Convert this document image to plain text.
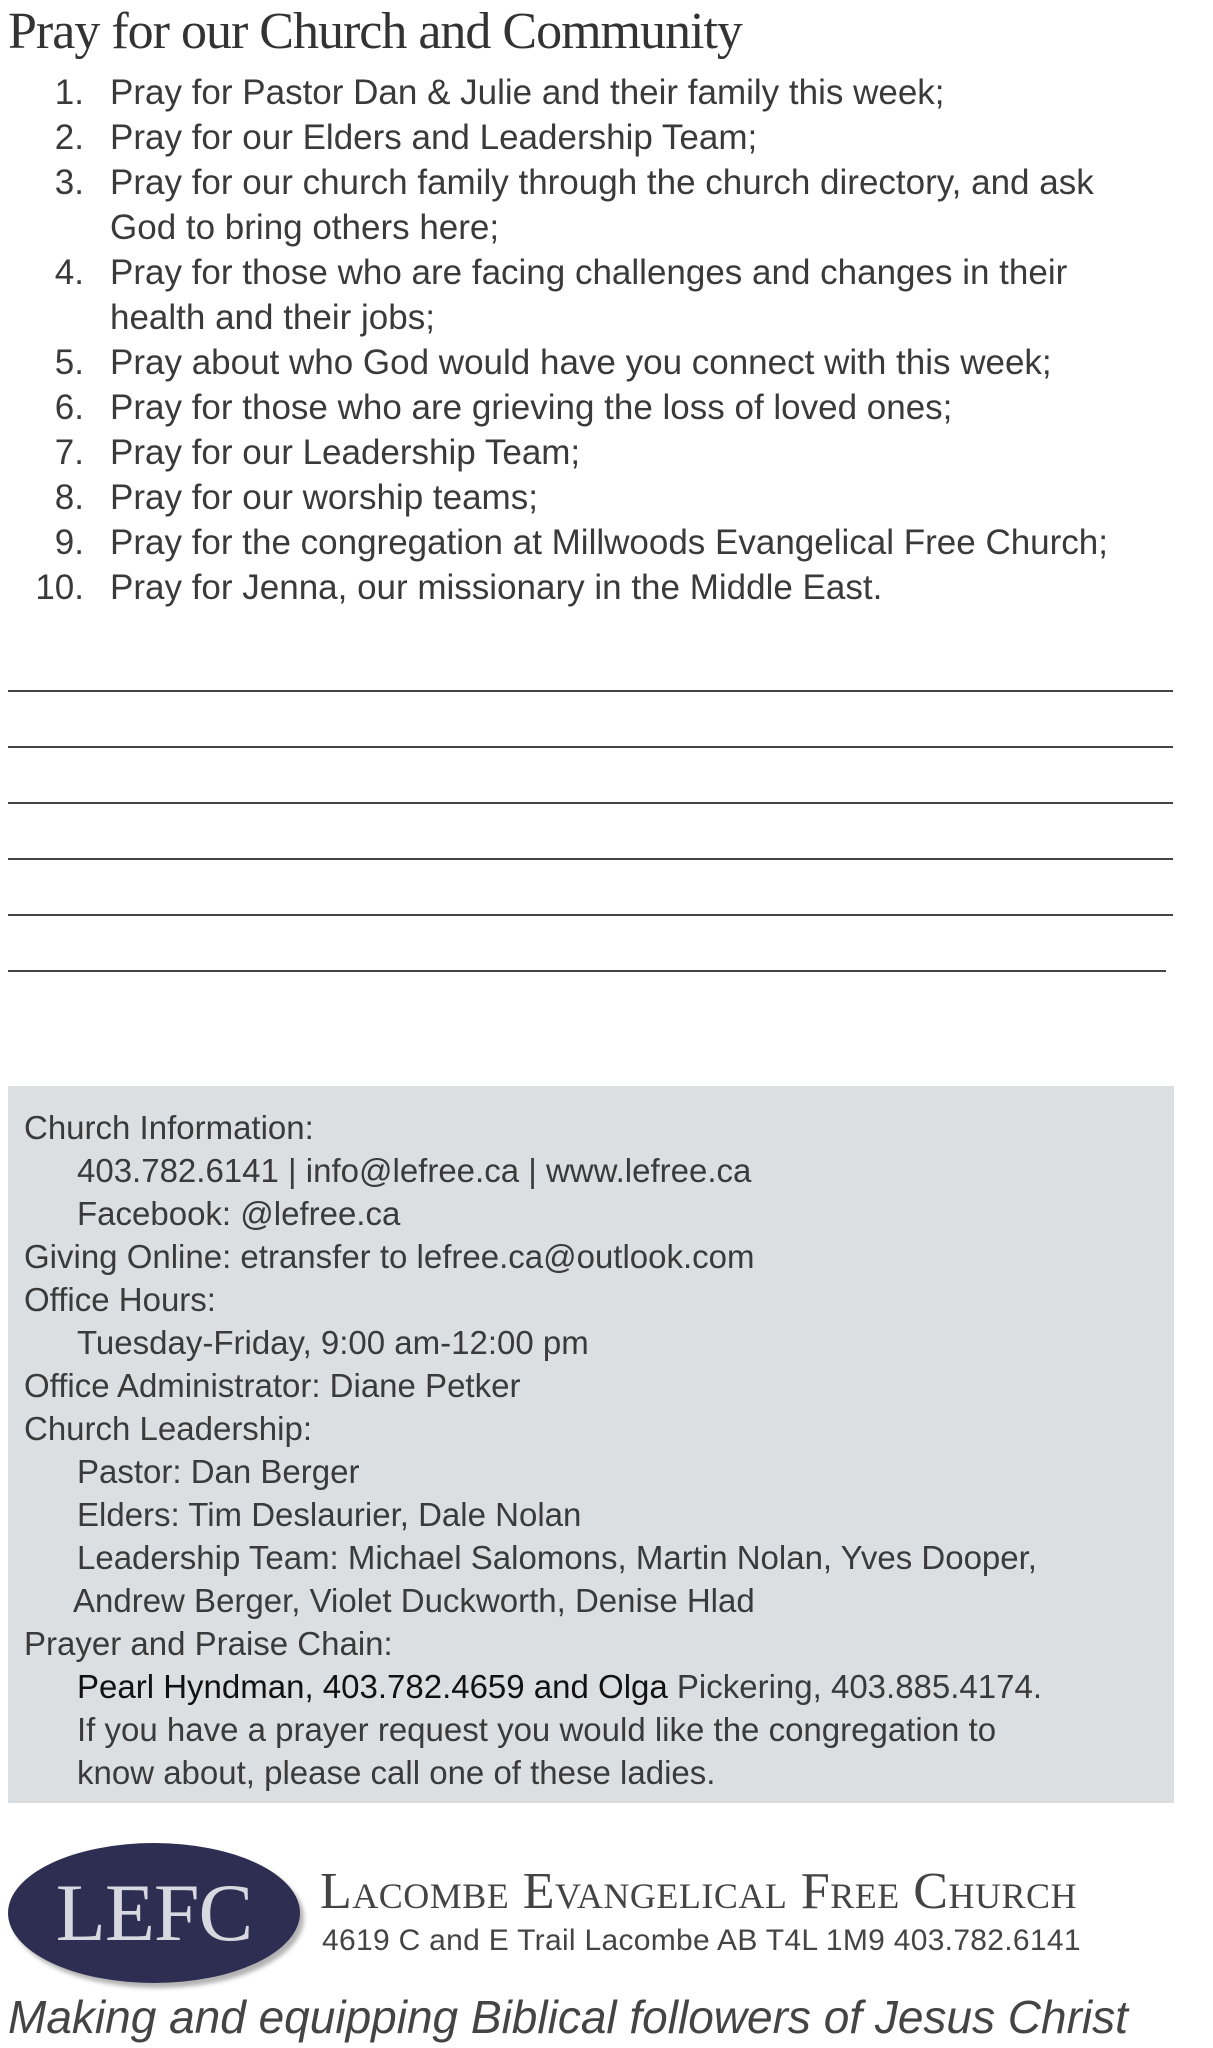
Pray for our Church and Community
1. Pray for Pastor Dan & Julie and their family this week;
2. Pray for our Elders and Leadership Team;
3. Pray for our church family through the church directory, and ask
God to bring others here;
4. Pray for those who are facing challenges and changes in their
health and their jobs;
5. Pray about who God would have you connect with this week;
6. Pray for those who are grieving the loss of loved ones;
7. Pray for our Leadership Team;
8. Pray for our worship teams;
9. Pray for the congregation at Millwoods Evangelical Free Church;
10. Pray for Jenna, our missionary in the Middle East.
Church Information:
403.782.6141 | info@lefree.ca | www.lefree.ca
Facebook: @lefree.ca
Giving Online: etransfer to lefree.ca@outlook.com
Office Hours:
Tuesday-Friday, 9:00 am-12:00 pm
Office Administrator: Diane Petker
Church Leadership:
Pastor: Dan Berger
Elders: Tim Deslaurier, Dale Nolan
Leadership Team: Michael Salomons, Martin Nolan, Yves Dooper,
Andrew Berger, Violet Duckworth, Denise Hlad
Prayer and Praise Chain:
Pearl Hyndman, 403.782.4659 and Olga Pickering, 403.885.4174.
If you have a prayer request you would like the congregation to
know about, please call one of these ladies.
LEFC	Lacombe Evangelical Free Church
4619 C and E Trail Lacombe AB T4L 1M9 403.782.6141
Making and equipping Biblical followers of Jesus Christ
